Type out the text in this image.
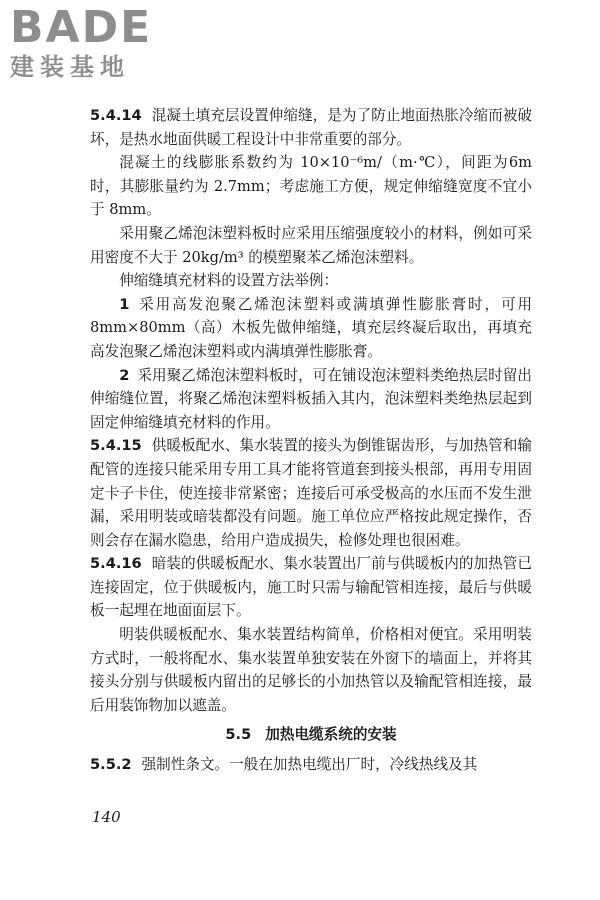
BADE
建装基地

5.4.14 混凝土填充层设置伸缩缝，是为了防止地面热胀冷缩而被破坏，是热水地面供暖工程设计中非常重要的部分。

混凝土的线膨胀系数约为 10×10⁻⁶m/（m·℃），间距为6m时，其膨胀量约为 2.7mm；考虑施工方便，规定伸缩缝宽度不宜小于 8mm。

采用聚乙烯泡沫塑料板时应采用压缩强度较小的材料，例如可采用密度不大于 20kg/m³ 的模塑聚苯乙烯泡沫塑料。

伸缩缝填充材料的设置方法举例：

1 采用高发泡聚乙烯泡沫塑料或满填弹性膨胀膏时，可用8mm×80mm（高）木板先做伸缩缝，填充层终凝后取出，再填充高发泡聚乙烯泡沫塑料或内满填弹性膨胀膏。

2 采用聚乙烯泡沫塑料板时，可在铺设泡沫塑料类绝热层时留出伸缩缝位置，将聚乙烯泡沫塑料板插入其内，泡沫塑料类绝热层起到固定伸缩缝填充材料的作用。

5.4.15 供暖板配水、集水装置的接头为倒锥锯齿形，与加热管和输配管的连接只能采用专用工具才能将管道套到接头根部，再用专用固定卡子卡住，使连接非常紧密；连接后可承受极高的水压而不发生泄漏，采用明装或暗装都没有问题。施工单位应严格按此规定操作，否则会存在漏水隐患，给用户造成损失，检修处理也很困难。

5.4.16 暗装的供暖板配水、集水装置出厂前与供暖板内的加热管已连接固定，位于供暖板内，施工时只需与输配管相连接，最后与供暖板一起埋在地面面层下。

明装供暖板配水、集水装置结构简单，价格相对便宜。采用明装方式时，一般将配水、集水装置单独安装在外窗下的墙面上，并将其接头分别与供暖板内留出的足够长的小加热管以及输配管相连接，最后用装饰物加以遮盖。

5.5 加热电缆系统的安装

5.5.2 强制性条文。一般在加热电缆出厂时，冷线热线及其

140
